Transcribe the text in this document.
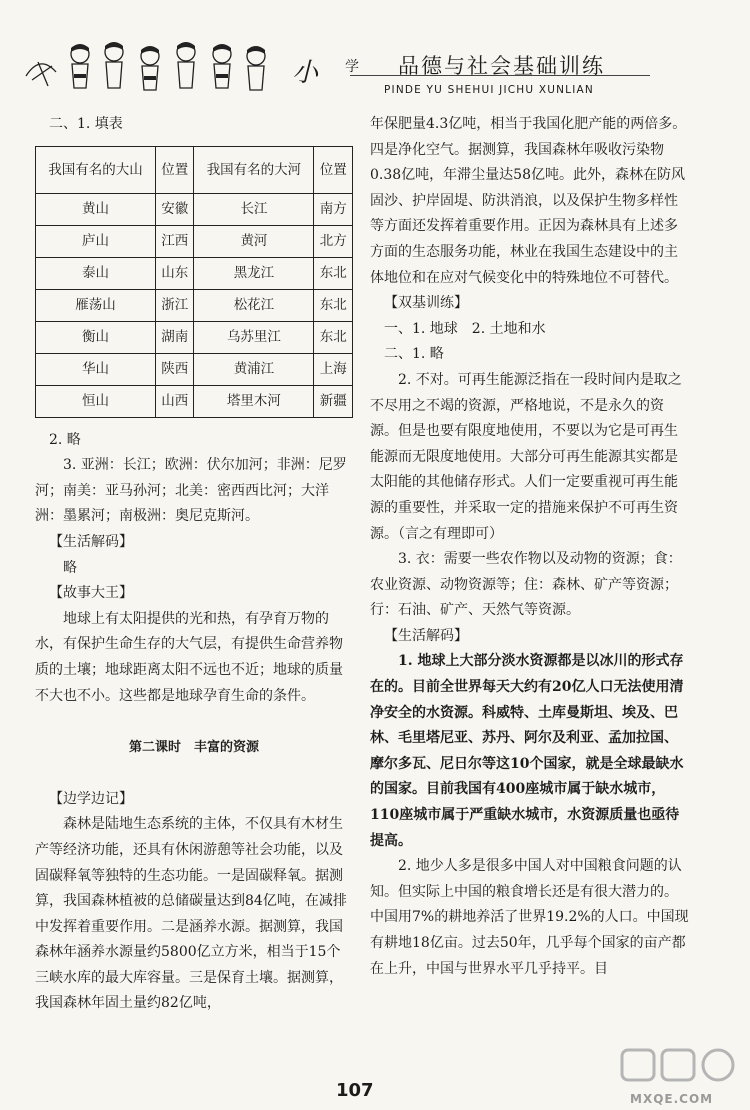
小 学 品德与社会基础训练
PINDE YU SHEHUI JICHU XUNLIAN

二、1. 填表

我国有名的大山	位置	我国有名的大河	位置
黄山	安徽	长江	南方
庐山	江西	黄河	北方
泰山	山东	黑龙江	东北
雁荡山	浙江	松花江	东北
衡山	湖南	乌苏里江	东北
华山	陕西	黄浦江	上海
恒山	山西	塔里木河	新疆

2. 略

3. 亚洲：长江；欧洲：伏尔加河；非洲：尼罗河；南美：亚马孙河；北美：密西西比河；大洋洲：墨累河；南极洲：奥尼克斯河。

【生活解码】

略

【故事大王】

地球上有太阳提供的光和热，有孕育万物的水，有保护生命生存的大气层，有提供生命营养物质的土壤；地球距离太阳不远也不近；地球的质量不大也不小。这些都是地球孕育生命的条件。

第二课时　丰富的资源

【边学边记】

森林是陆地生态系统的主体，不仅具有木材生产等经济功能，还具有休闲游憩等社会功能，以及固碳释氧等独特的生态功能。一是固碳释氧。据测算，我国森林植被的总储碳量达到84亿吨，在减排中发挥着重要作用。二是涵养水源。据测算，我国森林年涵养水源量约5800亿立方米，相当于15个三峡水库的最大库容量。三是保育土壤。据测算，我国森林年固土量约82亿吨，

年保肥量4.3亿吨，相当于我国化肥产能的两倍多。四是净化空气。据测算，我国森林年吸收污染物0.38亿吨，年滞尘量达58亿吨。此外，森林在防风固沙、护岸固堤、防洪消浪，以及保护生物多样性等方面还发挥着重要作用。正因为森林具有上述多方面的生态服务功能，林业在我国生态建设中的主体地位和在应对气候变化中的特殊地位不可替代。

【双基训练】

一、1. 地球　2. 土地和水

二、1. 略

2. 不对。可再生能源泛指在一段时间内是取之不尽用之不竭的资源，严格地说，不是永久的资源。但是也要有限度地使用，不要以为它是可再生能源而无限度地使用。大部分可再生能源其实都是太阳能的其他储存形式。人们一定要重视可再生能源的重要性，并采取一定的措施来保护不可再生资源。（言之有理即可）

3. 衣：需要一些农作物以及动物的资源；食：农业资源、动物资源等；住：森林、矿产等资源；行：石油、矿产、天然气等资源。

【生活解码】

1. 地球上大部分淡水资源都是以冰川的形式存在的。目前全世界每天大约有20亿人口无法使用清净安全的水资源。科威特、土库曼斯坦、埃及、巴林、毛里塔尼亚、苏丹、阿尔及利亚、孟加拉国、摩尔多瓦、尼日尔等这10个国家，就是全球最缺水的国家。目前我国有400座城市属于缺水城市，110座城市属于严重缺水城市，水资源质量也亟待提高。

2. 地少人多是很多中国人对中国粮食问题的认知。但实际上中国的粮食增长还是有很大潜力的。中国用7%的耕地养活了世界19.2%的人口。中国现有耕地18亿亩。过去50年，几乎每个国家的亩产都在上升，中国与世界水平几乎持平。目

107	MXQE.COM
